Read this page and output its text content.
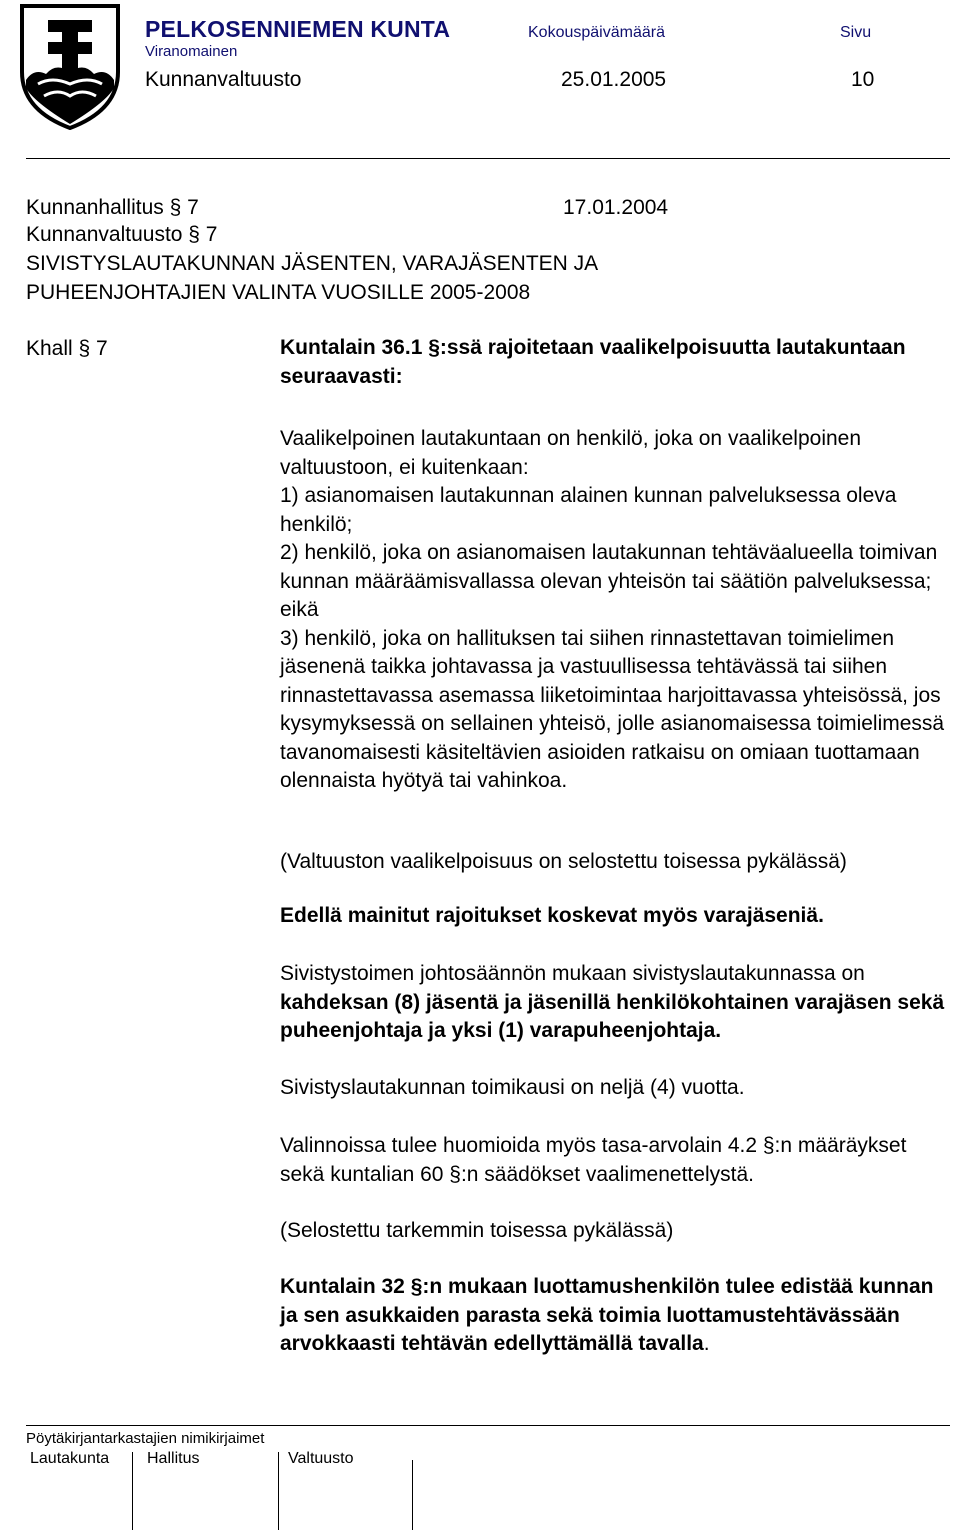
PELKOSENNIEMEN KUNTA
Viranomainen
Kunnanvaltuusto
Kokouspäivämäärä
25.01.2005
Sivu
10
Kunnanhallitus § 7	17.01.2004
Kunnanvaltuusto § 7
SIVISTYSLAUTAKUNNAN JÄSENTEN, VARAJÄSENTEN JA
PUHEENJOHTAJIEN VALINTA VUOSILLE 2005-2008
Khall § 7	Kuntalain 36.1 §:ssä rajoitetaan vaalikelpoisuutta lautakuntaan seuraavasti:

Vaalikelpoinen lautakuntaan on henkilö, joka on vaalikelpoinen valtuustoon, ei kuitenkaan:
1) asianomaisen lautakunnan alainen kunnan palveluksessa oleva henkilö;
2) henkilö, joka on asianomaisen lautakunnan tehtäväalueella toimivan kunnan määräämisvallassa olevan yhteisön tai säätiön palveluksessa; eikä
3) henkilö, joka on hallituksen tai siihen rinnastettavan toimielimen jäsenenä taikka johtavassa ja vastuullisessa tehtävässä tai siihen rinnastettavassa asemassa liiketoimintaa harjoittavassa yhteisössä, jos kysymyksessä on sellainen yhteisö, jolle asianomaisessa toimielimessä tavanomaisesti käsiteltävien asioiden ratkaisu on omiaan tuottamaan olennaista hyötyä tai vahinkoa.

(Valtuuston vaalikelpoisuus on selostettu toisessa pykälässä)

Edellä mainitut rajoitukset koskevat myös varajäseniä.

Sivistystoimen johtosäännön mukaan sivistyslautakunnassa on kahdeksan (8) jäsentä ja jäsenillä henkilökohtainen varajäsen sekä puheenjohtaja ja yksi (1) varapuheenjohtaja.

Sivistyslautakunnan toimikausi on neljä (4) vuotta.

Valinnoissa tulee huomioida myös tasa-arvolain 4.2 §:n määräykset sekä kuntalian 60 §:n säädökset vaalimenettelystä.

(Selostettu tarkemmin toisessa pykälässä)

Kuntalain 32 §:n mukaan luottamushenkilön tulee edistää kunnan ja sen asukkaiden parasta sekä toimia luottamustehtävässään arvokkaasti tehtävän edellyttämällä tavalla.

Pöytäkirjantarkastajien nimikirjaimet
Lautakunta Hallitus	Valtuusto
